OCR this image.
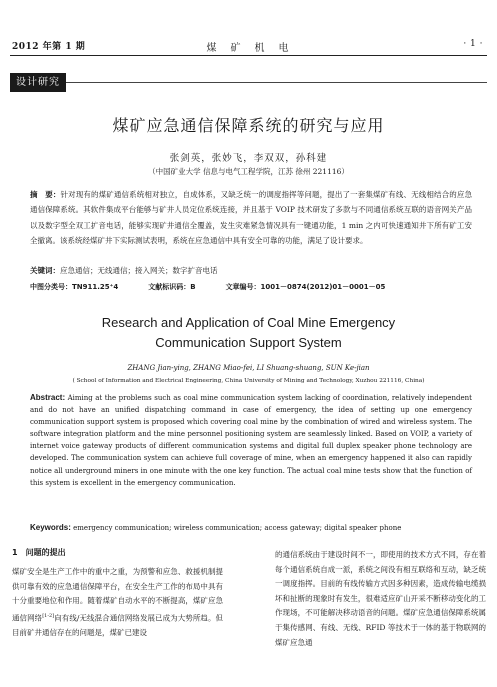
2012 年第 1 期	煤　矿　机　电	· 1 ·
设计研究
煤矿应急通信保障系统的研究与应用
张剑英，张妙飞，李双双，孙科建
（中国矿业大学 信息与电气工程学院，江苏 徐州 221116）
摘　要：针对现有的煤矿通信系统相对独立，自成体系，又缺乏统一的调度指挥等问题，提出了一套集煤矿有线、无线相结合的应急通信保障系统。其软件集成平台能够与矿井人员定位系统连接，并且基于 VOIP 技术研发了多款与不同通信系统互联的语音网关产品以及数字型全双工扩音电话，能够实现矿井通信全覆盖，发生灾难紧急情况具有一键通功能，1 min 之内可快速通知井下所有矿工安全撤离。该系统经煤矿井下实际测试表明，系统在应急通信中具有安全可靠的功能，满足了设计要求。
关键词：应急通信；无线通信；接入网关；数字扩音电话
中图分类号：TN911.25⁺4	文献标识码：B	文章编号：1001－0874(2012)01－0001－05
Research and Application of Coal Mine Emergency
Communication Support System
ZHANG Jian-ying, ZHANG Miao-fei, LI Shuang-shuang, SUN Ke-jian
( School of Information and Electrical Engineering, China University of Mining and Technology, Xuzhou 221116, China)
Abstract: Aiming at the problems such as coal mine communication system lacking of coordination, relatively independent and do not have an unified dispatching command in case of emergency, the idea of setting up one emergency communication support system is proposed which covering coal mine by the combination of wired and wireless system. The software integration platform and the mine personnel positioning system are seamlessly linked. Based on VOIP, a variety of internet voice gateway products of different communication systems and digital full duplex speaker phone technology are developed. The communication system can achieve full coverage of mine, when an emergency happened it also can rapidly notice all underground miners in one minute with the one key function. The actual coal mine tests show that the function of this system is excellent in the emergency communication.
Keywords: emergency communication; wireless communication; access gateway; digital speaker phone
1　问题的提出
煤矿安全是生产工作中的重中之重，为预警和应急、救援机制提供可靠有效的应急通信保障平台，在安全生产工作的布局中具有十分重要地位和作用。随着煤矿自动水平的不断提高，煤矿应急通信网络[1-2]向有线/无线混合通信网络发展已成为大势所趋。但目前矿井通信存在的问题是，煤矿已建设
的通信系统由于建设时间不一，即使用的技术方式不同，存在着每个通信系统自成一派，系统之间没有相互联络和互动，缺乏统一调度指挥。目前的有线传输方式因多种因素，造成传输电缆损坏和扯断的现象时有发生，很难适应矿山开采不断移动变化的工作现场，不可能解决移动语音的问题。煤矿应急通信保障系统属于集传感网、有线、无线、RFID 等技术于一体的基于物联网的煤矿应急通
